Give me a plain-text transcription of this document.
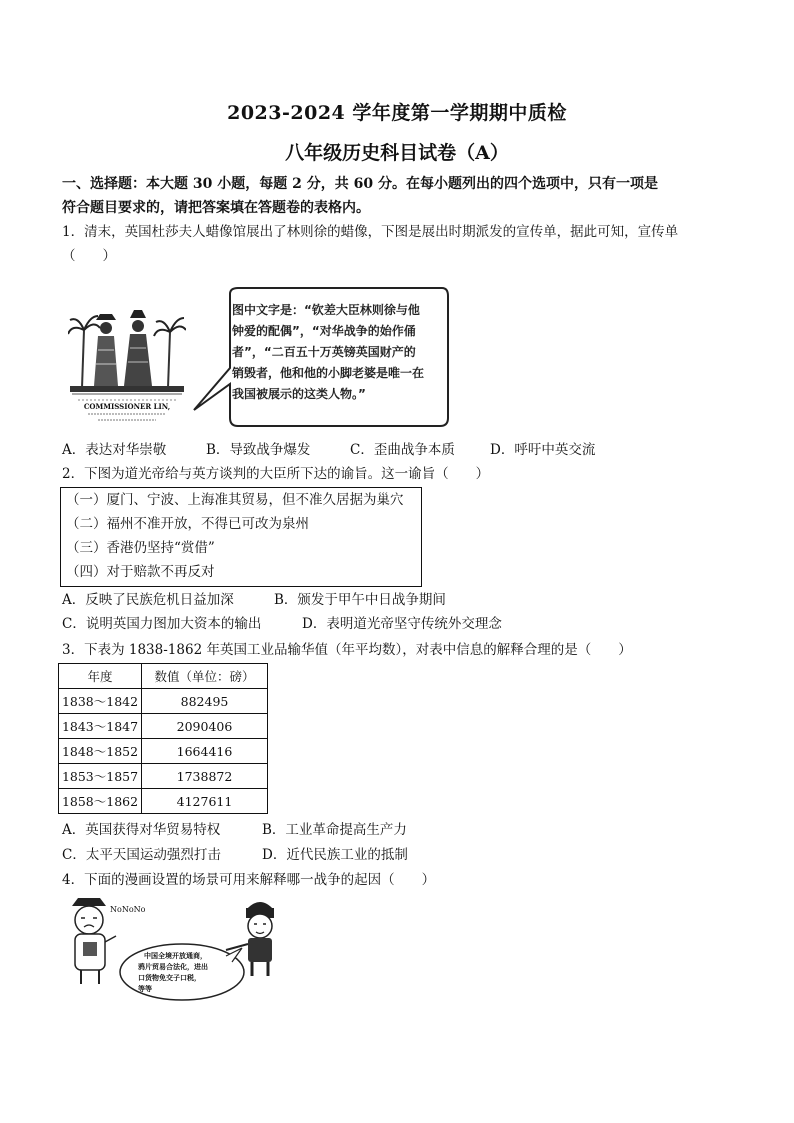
2023-2024 学年度第一学期期中质检
八年级历史科目试卷（A）
一、选择题：本大题 30 小题，每题 2 分，共 60 分。在每小题列出的四个选项中，只有一项是
符合题目要求的，请把答案填在答题卷的表格内。
1．清末，英国杜莎夫人蜡像馆展出了林则徐的蜡像，下图是展出时期派发的宣传单，据此可知，宣传单
（　　）
COMMISSIONER LIN,
图中文字是：“钦差大臣林则徐与他
钟爱的配偶”，“对华战争的始作俑
者”，“二百五十万英镑英国财产的
销毁者，他和他的小脚老婆是唯一在
我国被展示的这类人物。”
A．表达对华崇敬	B．导致战争爆发	C．歪曲战争本质	D．呼吁中英交流
2．下图为道光帝给与英方谈判的大臣所下达的谕旨。这一谕旨（　　）
（一）厦门、宁波、上海准其贸易，但不准久居据为巢穴
（二）福州不准开放，不得已可改为泉州
（三）香港仍坚持“赏借”
（四）对于赔款不再反对
A．反映了民族危机日益加深	B．颁发于甲午中日战争期间
C．说明英国力图加大资本的输出	D．表明道光帝坚守传统外交理念
3．下表为 1838-1862 年英国工业品输华值（年平均数），对表中信息的解释合理的是（　　）
年度	数值（单位：磅）
1838～1842	882495
1843～1847	2090406
1848～1852	1664416
1853～1857	1738872
1858～1862	4127611
A．英国获得对华贸易特权	B．工业革命提高生产力
C．太平天国运动强烈打击	D．近代民族工业的抵制
4．下面的漫画设置的场景可用来解释哪一战争的起因（　　）
NoNoNo
中国全境开放通商，
鸦片贸易合法化，进出
口货物免交子口税，
等等
